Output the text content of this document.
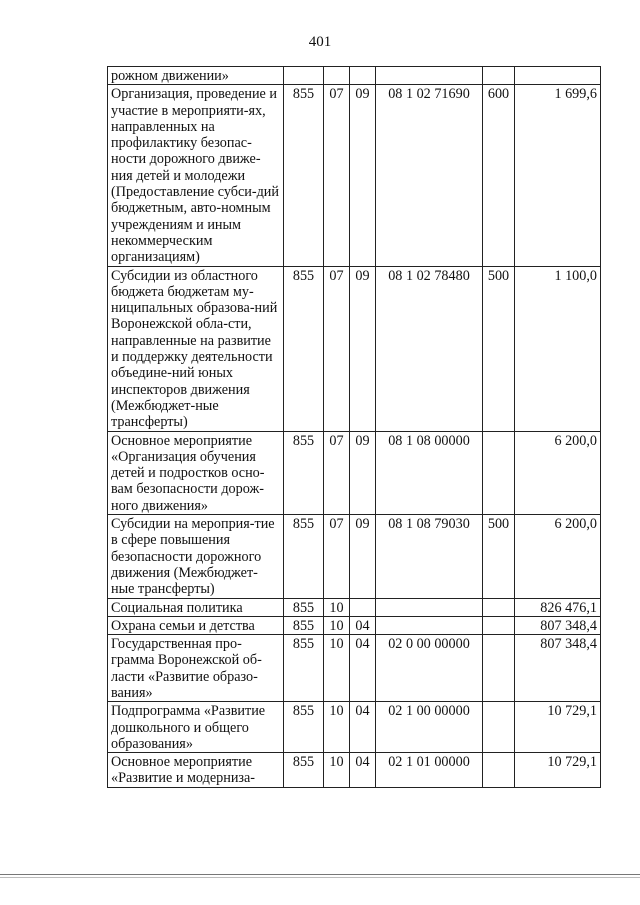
401
рожном движении»						
Организация, проведение и участие в мероприяти-ях, направленных на профилактику безопас-ности дорожного движе-ния детей и молодежи (Предоставление субси-дий бюджетным, авто-номным учреждениям и иным некоммерческим организациям)	855	07	09	08 1 02 71690	600	1 699,6
Субсидии из областного бюджета бюджетам му-ниципальных образова-ний Воронежской обла-сти, направленные на развитие и поддержку деятельности объедине-ний юных инспекторов движения (Межбюджет-ные трансферты)	855	07	09	08 1 02 78480	500	1 100,0
Основное мероприятие «Организация обучения детей и подростков осно-вам безопасности дорож-ного движения»	855	07	09	08 1 08 00000		6 200,0
Субсидии на мероприя-тие в сфере повышения безопасности дорожного движения (Межбюджет-ные трансферты)	855	07	09	08 1 08 79030	500	6 200,0
Социальная политика	855	10				826 476,1
Охрана семьи и детства	855	10	04			807 348,4
Государственная про-грамма Воронежской об-ласти «Развитие образо-вания»	855	10	04	02 0 00 00000		807 348,4
Подпрограмма «Развитие дошкольного и общего образования»	855	10	04	02 1 00 00000		10 729,1
Основное мероприятие «Развитие и модерниза-	855	10	04	02 1 01 00000		10 729,1
